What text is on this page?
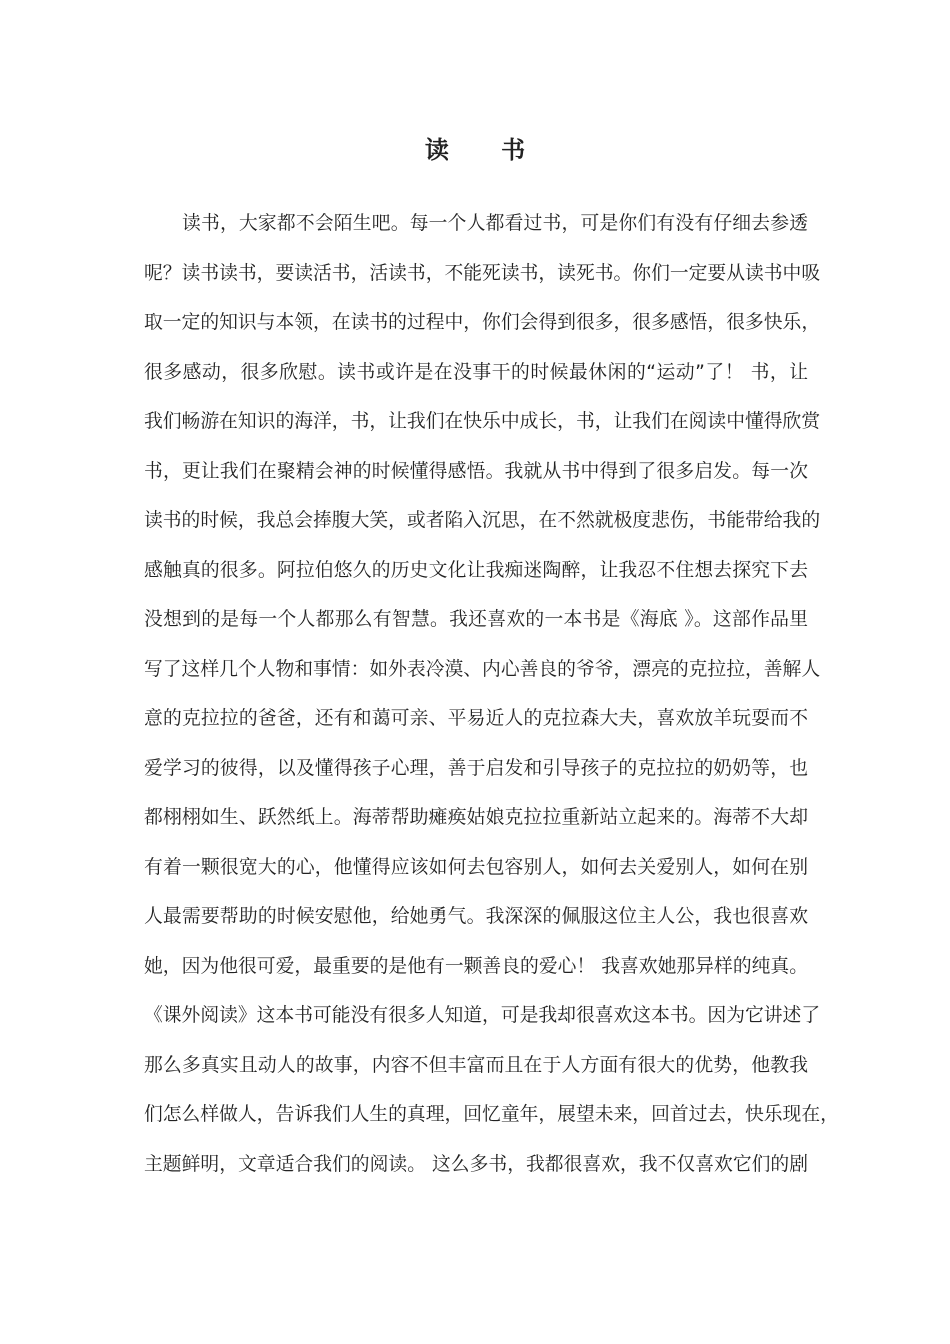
读 书
读书，大家都不会陌生吧。每一个人都看过书，可是你们有没有仔细去参透
呢？读书读书，要读活书，活读书，不能死读书，读死书。你们一定要从读书中吸
取一定的知识与本领，在读书的过程中，你们会得到很多，很多感悟，很多快乐，
很多感动，很多欣慰。读书或许是在没事干的时候最休闲的“运动”了！ 书，让
我们畅游在知识的海洋，书，让我们在快乐中成长，书，让我们在阅读中懂得欣赏
书，更让我们在聚精会神的时候懂得感悟。我就从书中得到了很多启发。每一次
读书的时候，我总会捧腹大笑，或者陷入沉思，在不然就极度悲伤，书能带给我的
感触真的很多。阿拉伯悠久的历史文化让我痴迷陶醉，让我忍不住想去探究下去
没想到的是每一个人都那么有智慧。我还喜欢的一本书是《海底 》。这部作品里
写了这样几个人物和事情：如外表冷漠、内心善良的爷爷，漂亮的克拉拉，善解人
意的克拉拉的爸爸，还有和蔼可亲、平易近人的克拉森大夫，喜欢放羊玩耍而不
爱学习的彼得，以及懂得孩子心理，善于启发和引导孩子的克拉拉的奶奶等，也
都栩栩如生、跃然纸上。海蒂帮助瘫痪姑娘克拉拉重新站立起来的。海蒂不大却
有着一颗很宽大的心，他懂得应该如何去包容别人，如何去关爱别人，如何在别
人最需要帮助的时候安慰他，给她勇气。我深深的佩服这位主人公，我也很喜欢
她，因为他很可爱，最重要的是他有一颗善良的爱心！ 我喜欢她那异样的纯真。
《课外阅读》这本书可能没有很多人知道，可是我却很喜欢这本书。因为它讲述了
那么多真实且动人的故事，内容不但丰富而且在于人方面有很大的优势，他教我
们怎么样做人，告诉我们人生的真理，回忆童年，展望未来，回首过去，快乐现在，
主题鲜明，文章适合我们的阅读。 这么多书，我都很喜欢，我不仅喜欢它们的剧
